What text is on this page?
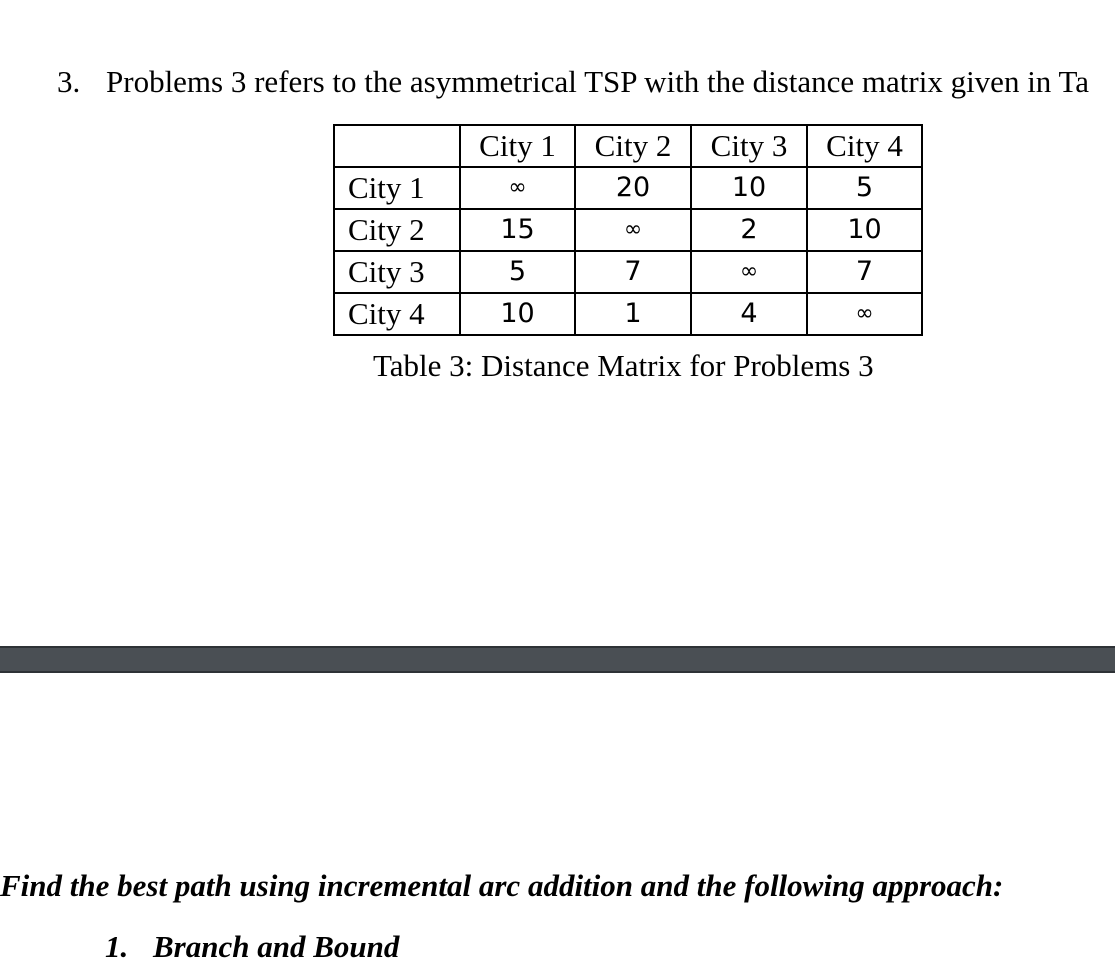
3. Problems 3 refers to the asymmetrical TSP with the distance matrix given in Ta
	City 1	City 2	City 3	City 4
City 1	∞	20	10	5
City 2	15	∞	2	10
City 3	5	7	∞	7
City 4	10	1	4	∞
Table 3: Distance Matrix for Problems 3
Find the best path using incremental arc addition and the following approach:
1. Branch and Bound
